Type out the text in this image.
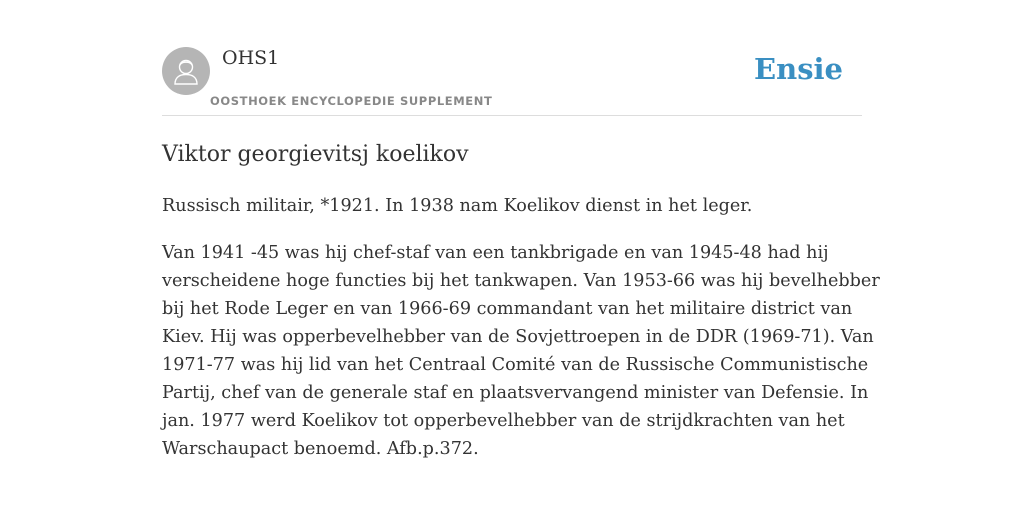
OHS1
OOSTHOEK ENCYCLOPEDIE SUPPLEMENT
Ensie
Viktor georgievitsj koelikov

Russisch militair, *1921. In 1938 nam Koelikov dienst in het leger.

Van 1941 -45 was hij chef-staf van een tankbrigade en van 1945-48 had hij
verscheidene hoge functies bij het tankwapen. Van 1953-66 was hij bevelhebber
bij het Rode Leger en van 1966-69 commandant van het militaire district van
Kiev. Hij was opperbevelhebber van de Sovjettroepen in de DDR (1969-71). Van
1971-77 was hij lid van het Centraal Comité van de Russische Communistische
Partij, chef van de generale staf en plaatsvervangend minister van Defensie. In
jan. 1977 werd Koelikov tot opperbevelhebber van de strijdkrachten van het
Warschaupact benoemd. Afb.p.372.
